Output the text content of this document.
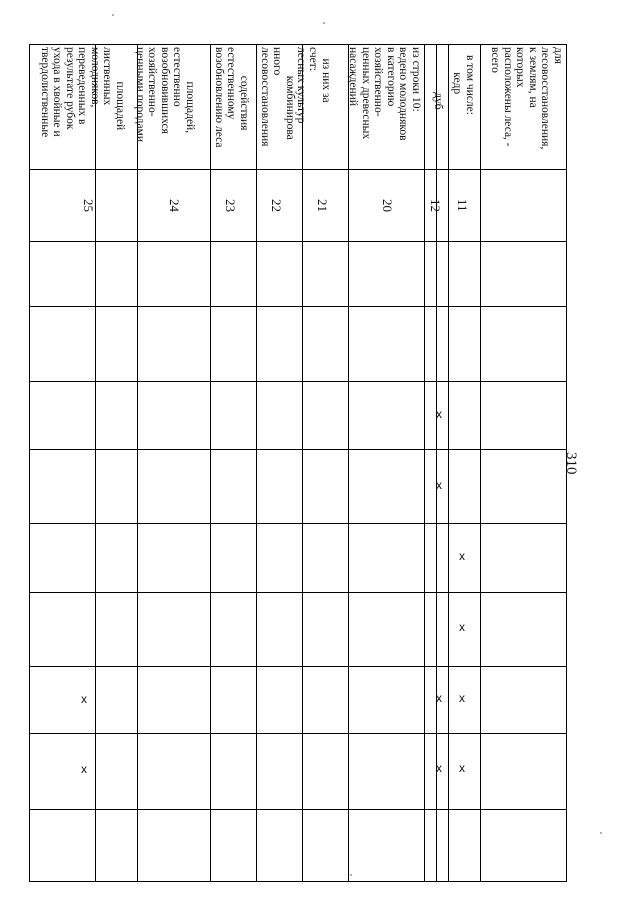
310
для
лесовосстановления,
к землям, на
которых
расположены леса, -
всего
в том числе:
кедр
дуб
из строки 10:
ведено молодняков
в категорию
хозяйственно-
ценных древесных
насаждений
из них за
счет:
лесных культур
комбинирова
нного
лесовосстановления
содействия
естественному
возобновлению леса
площадей,
естественно
возобновившихся
хозяйственно-
ценными породами
площадей
лиственных
молодняков,
переведенных в
результате рубок
ухода в хвойные и
твердолиственные
11
12
20
21
22
23
24
25
x
x
x
x
x
x
x
x
x
x
